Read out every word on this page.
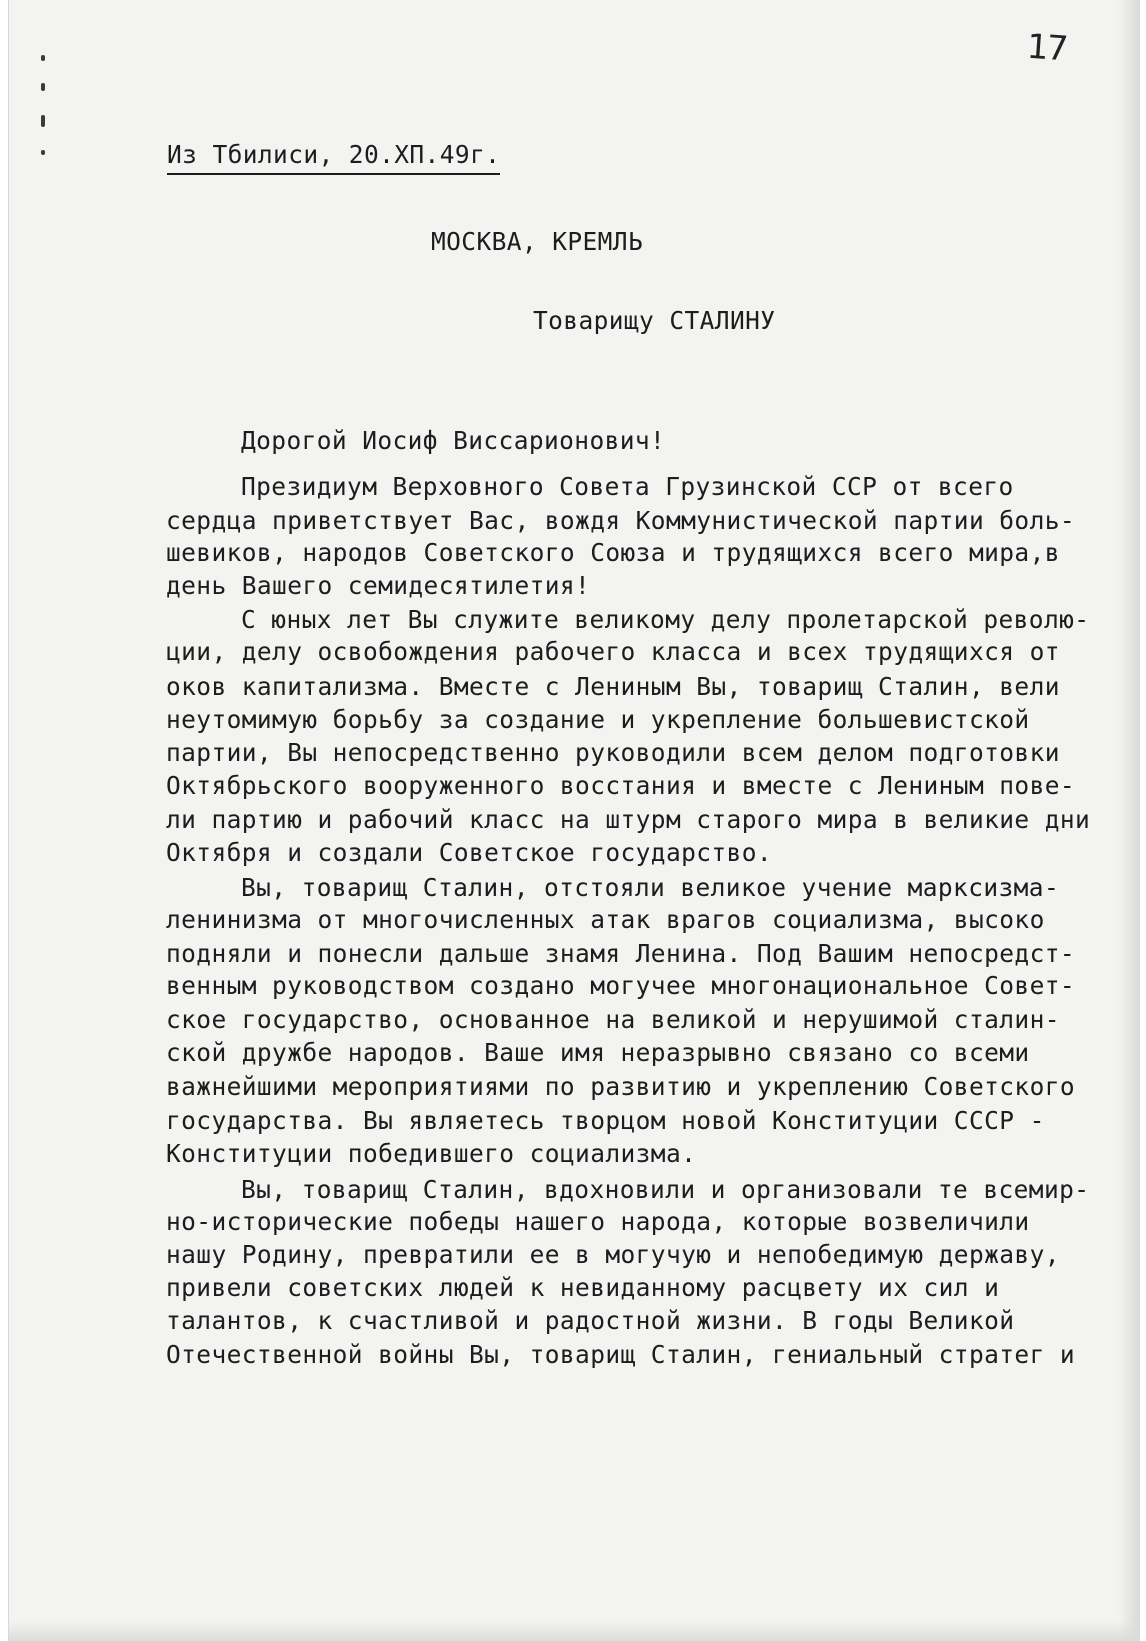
17
Из Тбилиси, 20.ХП.49г.
МОСКВА, КРЕМЛЬ
Товарищу СТАЛИНУ
Дорогой Иосиф Виссарионович!
Президиум Верховного Совета Грузинской ССР от всего
сердца приветствует Вас, вождя Коммунистической партии боль-
шевиков, народов Советского Союза и трудящихся всего мира,в
день Вашего семидесятилетия!
С юных лет Вы служите великому делу пролетарской револю-
ции, делу освобождения рабочего класса и всех трудящихся от
оков капитализма. Вместе с Лениным Вы, товарищ Сталин, вели
неутомимую борьбу за создание и укрепление большевистской
партии, Вы непосредственно руководили всем делом подготовки
Октябрьского вооруженного восстания и вместе с Лениным пове-
ли партию и рабочий класс на штурм старого мира в великие дни
Октября и создали Советское государство.
Вы, товарищ Сталин, отстояли великое учение марксизма-
ленинизма от многочисленных атак врагов социализма, высоко
подняли и понесли дальше знамя Ленина. Под Вашим непосредст-
венным руководством создано могучее многонациональное Совет-
ское государство, основанное на великой и нерушимой сталин-
ской дружбе народов. Ваше имя неразрывно связано со всеми
важнейшими мероприятиями по развитию и укреплению Советского
государства. Вы являетесь творцом новой Конституции СССР -
Конституции победившего социализма.
Вы, товарищ Сталин, вдохновили и организовали те всемир-
но-исторические победы нашего народа, которые возвеличили
нашу Родину, превратили ее в могучую и непобедимую державу,
привели советских людей к невиданному расцвету их сил и
талантов, к счастливой и радостной жизни. В годы Великой
Отечественной войны Вы, товарищ Сталин, гениальный стратег и
